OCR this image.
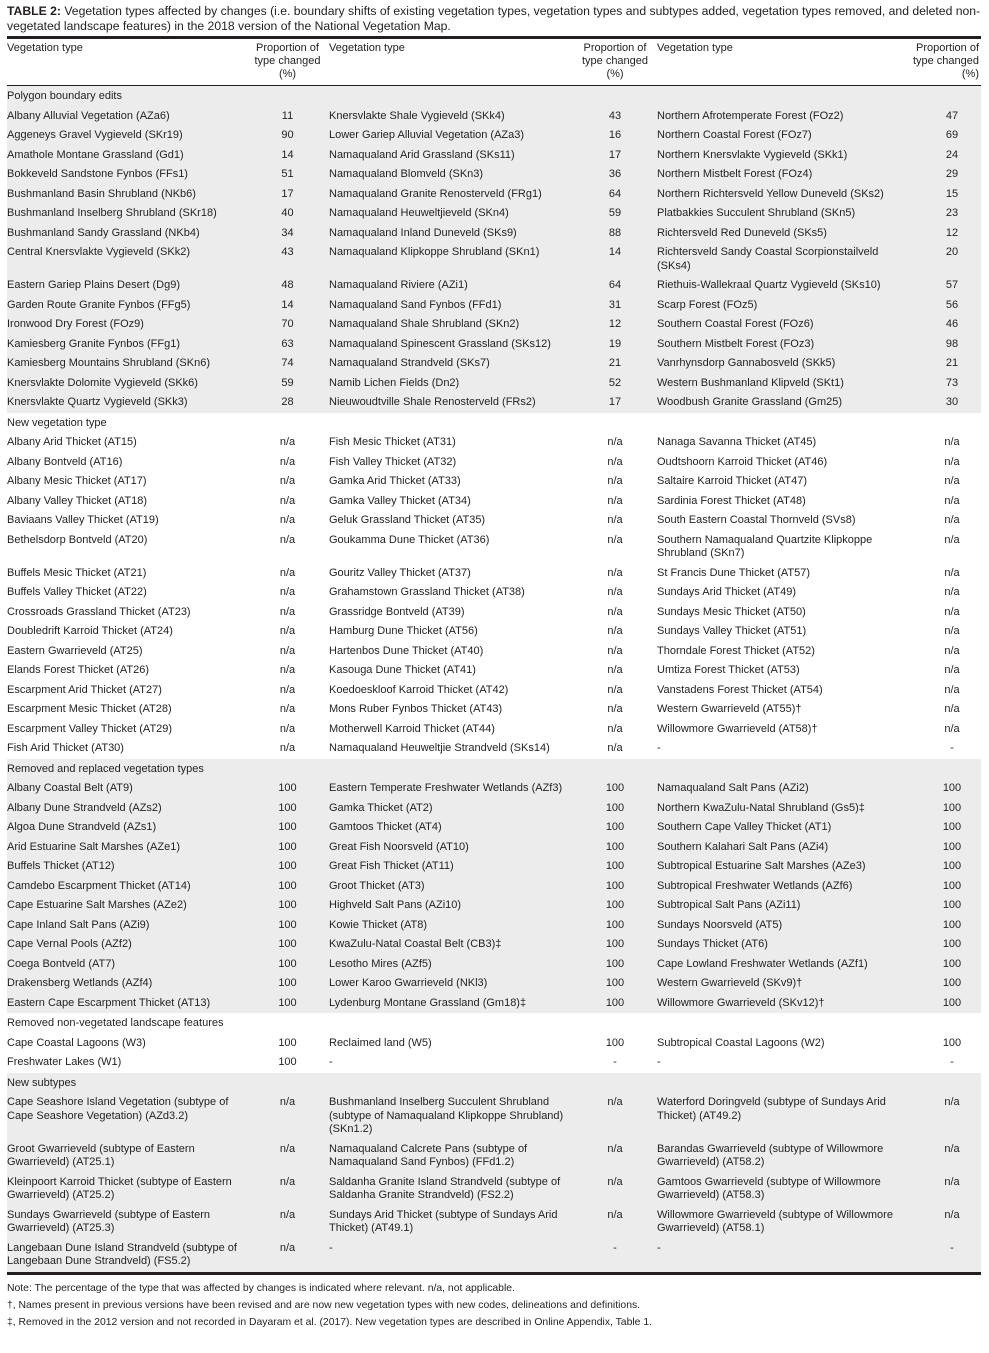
TABLE 2: Vegetation types affected by changes (i.e. boundary shifts of existing vegetation types, vegetation types and subtypes added, vegetation types removed, and deleted non-vegetated landscape features) in the 2018 version of the National Vegetation Map.

Vegetation type	Proportion of type changed (%)	Vegetation type	Proportion of type changed (%)	Vegetation type	Proportion of type changed (%)
Polygon boundary edits					
Albany Alluvial Vegetation (AZa6)	11	Knersvlakte Shale Vygieveld (SKk4)	43	Northern Afrotemperate Forest (FOz2)	47
Aggeneys Gravel Vygieveld (SKr19)	90	Lower Gariep Alluvial Vegetation (AZa3)	16	Northern Coastal Forest (FOz7)	69
Amathole Montane Grassland (Gd1)	14	Namaqualand Arid Grassland (SKs11)	17	Northern Knersvlakte Vygieveld (SKk1)	24
Bokkeveld Sandstone Fynbos (FFs1)	51	Namaqualand Blomveld (SKn3)	36	Northern Mistbelt Forest (FOz4)	29
Bushmanland Basin Shrubland (NKb6)	17	Namaqualand Granite Renosterveld (FRg1)	64	Northern Richtersveld Yellow Duneveld (SKs2)	15
Bushmanland Inselberg Shrubland (SKr18)	40	Namaqualand Heuweltjieveld (SKn4)	59	Platbakkies Succulent Shrubland (SKn5)	23
Bushmanland Sandy Grassland (NKb4)	34	Namaqualand Inland Duneveld (SKs9)	88	Richtersveld Red Duneveld (SKs5)	12
Central Knersvlakte Vygieveld (SKk2)	43	Namaqualand Klipkoppe Shrubland (SKn1)	14	Richtersveld Sandy Coastal Scorpionstailveld (SKs4)	20
Eastern Gariep Plains Desert (Dg9)	48	Namaqualand Riviere (AZi1)	64	Riethuis-Wallekraal Quartz Vygieveld (SKs10)	57
Garden Route Granite Fynbos (FFg5)	14	Namaqualand Sand Fynbos (FFd1)	31	Scarp Forest (FOz5)	56
Ironwood Dry Forest (FOz9)	70	Namaqualand Shale Shrubland (SKn2)	12	Southern Coastal Forest (FOz6)	46
Kamiesberg Granite Fynbos (FFg1)	63	Namaqualand Spinescent Grassland (SKs12)	19	Southern Mistbelt Forest (FOz3)	98
Kamiesberg Mountains Shrubland (SKn6)	74	Namaqualand Strandveld (SKs7)	21	Vanrhynsdorp Gannabosveld (SKk5)	21
Knersvlakte Dolomite Vygieveld (SKk6)	59	Namib Lichen Fields (Dn2)	52	Western Bushmanland Klipveld (SKt1)	73
Knersvlakte Quartz Vygieveld (SKk3)	28	Nieuwoudtville Shale Renosterveld (FRs2)	17	Woodbush Granite Grassland (Gm25)	30
New vegetation type					
Albany Arid Thicket (AT15)	n/a	Fish Mesic Thicket (AT31)	n/a	Nanaga Savanna Thicket (AT45)	n/a
Albany Bontveld (AT16)	n/a	Fish Valley Thicket (AT32)	n/a	Oudtshoorn Karroid Thicket (AT46)	n/a
Albany Mesic Thicket (AT17)	n/a	Gamka Arid Thicket (AT33)	n/a	Saltaire Karroid Thicket (AT47)	n/a
Albany Valley Thicket (AT18)	n/a	Gamka Valley Thicket (AT34)	n/a	Sardinia Forest Thicket (AT48)	n/a
Baviaans Valley Thicket (AT19)	n/a	Geluk Grassland Thicket (AT35)	n/a	South Eastern Coastal Thornveld (SVs8)	n/a
Bethelsdorp Bontveld (AT20)	n/a	Goukamma Dune Thicket (AT36)	n/a	Southern Namaqualand Quartzite Klipkoppe Shrubland (SKn7)	n/a
Buffels Mesic Thicket (AT21)	n/a	Gouritz Valley Thicket (AT37)	n/a	St Francis Dune Thicket (AT57)	n/a
Buffels Valley Thicket (AT22)	n/a	Grahamstown Grassland Thicket (AT38)	n/a	Sundays Arid Thicket (AT49)	n/a
Crossroads Grassland Thicket (AT23)	n/a	Grassridge Bontveld (AT39)	n/a	Sundays Mesic Thicket (AT50)	n/a
Doubledrift Karroid Thicket (AT24)	n/a	Hamburg Dune Thicket (AT56)	n/a	Sundays Valley Thicket (AT51)	n/a
Eastern Gwarrieveld (AT25)	n/a	Hartenbos Dune Thicket (AT40)	n/a	Thorndale Forest Thicket (AT52)	n/a
Elands Forest Thicket (AT26)	n/a	Kasouga Dune Thicket (AT41)	n/a	Umtiza Forest Thicket (AT53)	n/a
Escarpment Arid Thicket (AT27)	n/a	Koedoeskloof Karroid Thicket (AT42)	n/a	Vanstadens Forest Thicket (AT54)	n/a
Escarpment Mesic Thicket (AT28)	n/a	Mons Ruber Fynbos Thicket (AT43)	n/a	Western Gwarrieveld (AT55)†	n/a
Escarpment Valley Thicket (AT29)	n/a	Motherwell Karroid Thicket (AT44)	n/a	Willowmore Gwarrieveld (AT58)†	n/a
Fish Arid Thicket (AT30)	n/a	Namaqualand Heuweltjie Strandveld (SKs14)	n/a	-	-
Removed and replaced vegetation types					
Albany Coastal Belt (AT9)	100	Eastern Temperate Freshwater Wetlands (AZf3)	100	Namaqualand Salt Pans (AZi2)	100
Albany Dune Strandveld (AZs2)	100	Gamka Thicket (AT2)	100	Northern KwaZulu-Natal Shrubland (Gs5)‡	100
Algoa Dune Strandveld (AZs1)	100	Gamtoos Thicket (AT4)	100	Southern Cape Valley Thicket (AT1)	100
Arid Estuarine Salt Marshes (AZe1)	100	Great Fish Noorsveld (AT10)	100	Southern Kalahari Salt Pans (AZi4)	100
Buffels Thicket (AT12)	100	Great Fish Thicket (AT11)	100	Subtropical Estuarine Salt Marshes (AZe3)	100
Camdebo Escarpment Thicket (AT14)	100	Groot Thicket (AT3)	100	Subtropical Freshwater Wetlands (AZf6)	100
Cape Estuarine Salt Marshes (AZe2)	100	Highveld Salt Pans (AZi10)	100	Subtropical Salt Pans (AZi11)	100
Cape Inland Salt Pans (AZi9)	100	Kowie Thicket (AT8)	100	Sundays Noorsveld (AT5)	100
Cape Vernal Pools (AZf2)	100	KwaZulu-Natal Coastal Belt (CB3)‡	100	Sundays Thicket (AT6)	100
Coega Bontveld (AT7)	100	Lesotho Mires (AZf5)	100	Cape Lowland Freshwater Wetlands (AZf1)	100
Drakensberg Wetlands (AZf4)	100	Lower Karoo Gwarrieveld (NKl3)	100	Western Gwarrieveld (SKv9)†	100
Eastern Cape Escarpment Thicket (AT13)	100	Lydenburg Montane Grassland (Gm18)‡	100	Willowmore Gwarrieveld (SKv12)†	100
Removed non-vegetated landscape features					
Cape Coastal Lagoons (W3)	100	Reclaimed land (W5)	100	Subtropical Coastal Lagoons (W2)	100
Freshwater Lakes (W1)	100	-	-	-	-
New subtypes					
Cape Seashore Island Vegetation (subtype of Cape Seashore Vegetation) (AZd3.2)	n/a	Bushmanland Inselberg Succulent Shrubland (subtype of Namaqualand Klipkoppe Shrubland) (SKn1.2)	n/a	Waterford Doringveld (subtype of Sundays Arid Thicket) (AT49.2)	n/a
Groot Gwarrieveld (subtype of Eastern Gwarrieveld) (AT25.1)	n/a	Namaqualand Calcrete Pans (subtype of Namaqualand Sand Fynbos) (FFd1.2)	n/a	Barandas Gwarrieveld (subtype of Willowmore Gwarrieveld) (AT58.2)	n/a
Kleinpoort Karroid Thicket (subtype of Eastern Gwarrieveld) (AT25.2)	n/a	Saldanha Granite Island Strandveld (subtype of Saldanha Granite Strandveld) (FS2.2)	n/a	Gamtoos Gwarrieveld (subtype of Willowmore Gwarrieveld) (AT58.3)	n/a
Sundays Gwarrieveld (subtype of Eastern Gwarrieveld) (AT25.3)	n/a	Sundays Arid Thicket (subtype of Sundays Arid Thicket) (AT49.1)	n/a	Willowmore Gwarrieveld (subtype of Willowmore Gwarrieveld) (AT58.1)	n/a
Langebaan Dune Island Strandveld (subtype of Langebaan Dune Strandveld) (FS5.2)	n/a	-	-	-	-
Note: The percentage of the type that was affected by changes is indicated where relevant. n/a, not applicable.
†, Names present in previous versions have been revised and are now new vegetation types with new codes, delineations and definitions.
‡, Removed in the 2012 version and not recorded in Dayaram et al. (2017). New vegetation types are described in Online Appendix, Table 1.
